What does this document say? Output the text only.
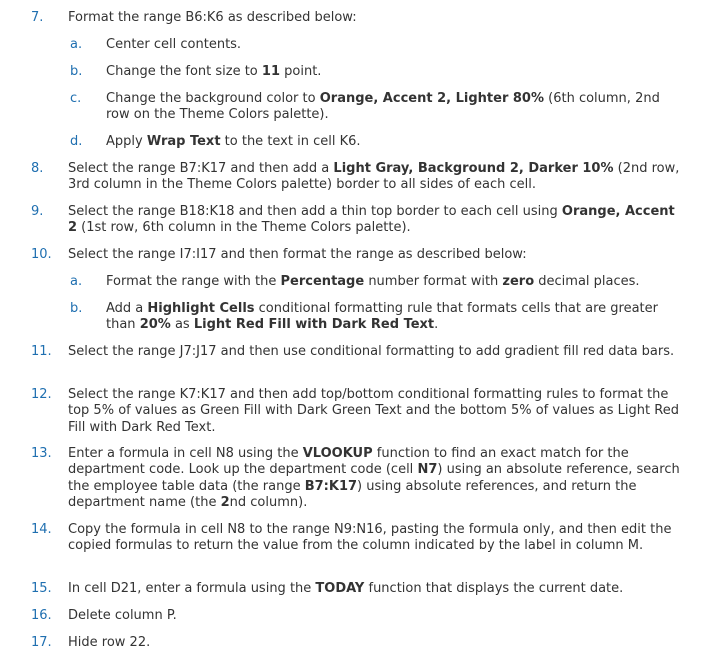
7.	Format the range B6:K6 as described below:
a.	Center cell contents.
b.	Change the font size to 11 point.
c.	Change the background color to Orange, Accent 2, Lighter 80% (6th column, 2nd row on the Theme Colors palette).
d.	Apply Wrap Text to the text in cell K6.
8.	Select the range B7:K17 and then add a Light Gray, Background 2, Darker 10% (2nd row, 3rd column in the Theme Colors palette) border to all sides of each cell.
9.	Select the range B18:K18 and then add a thin top border to each cell using Orange, Accent 2 (1st row, 6th column in the Theme Colors palette).
10.	Select the range I7:I17 and then format the range as described below:
a.	Format the range with the Percentage number format with zero decimal places.
b.	Add a Highlight Cells conditional formatting rule that formats cells that are greater than 20% as Light Red Fill with Dark Red Text.
11.	Select the range J7:J17 and then use conditional formatting to add gradient fill red data bars.
12.	Select the range K7:K17 and then add top/bottom conditional formatting rules to format the top 5% of values as Green Fill with Dark Green Text and the bottom 5% of values as Light Red Fill with Dark Red Text.
13.	Enter a formula in cell N8 using the VLOOKUP function to find an exact match for the department code. Look up the department code (cell N7) using an absolute reference, search the employee table data (the range B7:K17) using absolute references, and return the department name (the 2nd column).
14.	Copy the formula in cell N8 to the range N9:N16, pasting the formula only, and then edit the copied formulas to return the value from the column indicated by the label in column M.
15.	In cell D21, enter a formula using the TODAY function that displays the current date.
16.	Delete column P.
17.	Hide row 22.
